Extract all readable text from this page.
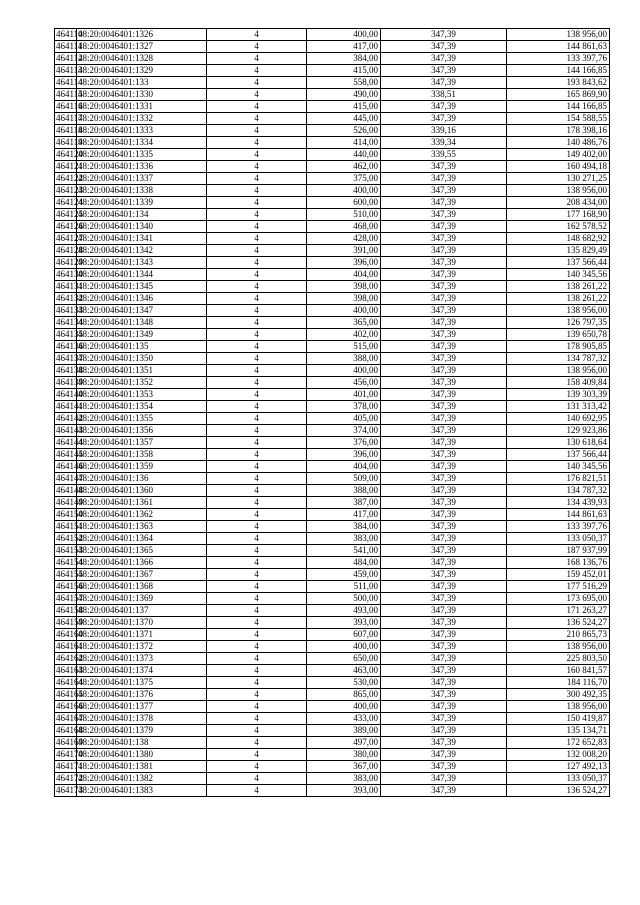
464110	48:20:0046401:1326	4	400,00	347,39	138 956,00
464111	48:20:0046401:1327	4	417,00	347,39	144 861,63
464112	48:20:0046401:1328	4	384,00	347,39	133 397,76
464113	48:20:0046401:1329	4	415,00	347,39	144 166,85
464114	48:20:0046401:133	4	558,00	347,39	193 843,62
464115	48:20:0046401:1330	4	490,00	338,51	165 869,90
464116	48:20:0046401:1331	4	415,00	347,39	144 166,85
464117	48:20:0046401:1332	4	445,00	347,39	154 588,55
464118	48:20:0046401:1333	4	526,00	339,16	178 398,16
464119	48:20:0046401:1334	4	414,00	339,34	140 486,76
464120	48:20:0046401:1335	4	440,00	339,55	149 402,00
464121	48:20:0046401:1336	4	462,00	347,39	160 494,18
464122	48:20:0046401:1337	4	375,00	347,39	130 271,25
464123	48:20:0046401:1338	4	400,00	347,39	138 956,00
464124	48:20:0046401:1339	4	600,00	347,39	208 434,00
464125	48:20:0046401:134	4	510,00	347,39	177 168,90
464126	48:20:0046401:1340	4	468,00	347,39	162 578,52
464127	48:20:0046401:1341	4	428,00	347,39	148 682,92
464128	48:20:0046401:1342	4	391,00	347,39	135 829,49
464129	48:20:0046401:1343	4	396,00	347,39	137 566,44
464130	48:20:0046401:1344	4	404,00	347,39	140 345,56
464131	48:20:0046401:1345	4	398,00	347,39	138 261,22
464132	48:20:0046401:1346	4	398,00	347,39	138 261,22
464133	48:20:0046401:1347	4	400,00	347,39	138 956,00
464134	48:20:0046401:1348	4	365,00	347,39	126 797,35
464135	48:20:0046401:1349	4	402,00	347,39	139 650,78
464136	48:20:0046401:135	4	515,00	347,39	178 905,85
464137	48:20:0046401:1350	4	388,00	347,39	134 787,32
464138	48:20:0046401:1351	4	400,00	347,39	138 956,00
464139	48:20:0046401:1352	4	456,00	347,39	158 409,84
464140	48:20:0046401:1353	4	401,00	347,39	139 303,39
464141	48:20:0046401:1354	4	378,00	347,39	131 313,42
464142	48:20:0046401:1355	4	405,00	347,39	140 692,95
464143	48:20:0046401:1356	4	374,00	347,39	129 923,86
464144	48:20:0046401:1357	4	376,00	347,39	130 618,64
464145	48:20:0046401:1358	4	396,00	347,39	137 566,44
464146	48:20:0046401:1359	4	404,00	347,39	140 345,56
464147	48:20:0046401:136	4	509,00	347,39	176 821,51
464148	48:20:0046401:1360	4	388,00	347,39	134 787,32
464149	48:20:0046401:1361	4	387,00	347,39	134 439,93
464150	48:20:0046401:1362	4	417,00	347,39	144 861,63
464151	48:20:0046401:1363	4	384,00	347,39	133 397,76
464152	48:20:0046401:1364	4	383,00	347,39	133 050,37
464153	48:20:0046401:1365	4	541,00	347,39	187 937,99
464154	48:20:0046401:1366	4	484,00	347,39	168 136,76
464155	48:20:0046401:1367	4	459,00	347,39	159 452,01
464156	48:20:0046401:1368	4	511,00	347,39	177 516,29
464157	48:20:0046401:1369	4	500,00	347,39	173 695,00
464158	48:20:0046401:137	4	493,00	347,39	171 263,27
464159	48:20:0046401:1370	4	393,00	347,39	136 524,27
464160	48:20:0046401:1371	4	607,00	347,39	210 865,73
464161	48:20:0046401:1372	4	400,00	347,39	138 956,00
464162	48:20:0046401:1373	4	650,00	347,39	225 803,50
464163	48:20:0046401:1374	4	463,00	347,39	160 841,57
464164	48:20:0046401:1375	4	530,00	347,39	184 116,70
464165	48:20:0046401:1376	4	865,00	347,39	300 492,35
464166	48:20:0046401:1377	4	400,00	347,39	138 956,00
464167	48:20:0046401:1378	4	433,00	347,39	150 419,87
464168	48:20:0046401:1379	4	389,00	347,39	135 134,71
464169	48:20:0046401:138	4	497,00	347,39	172 652,83
464170	48:20:0046401:1380	4	380,00	347,39	132 008,20
464171	48:20:0046401:1381	4	367,00	347,39	127 492,13
464172	48:20:0046401:1382	4	383,00	347,39	133 050,37
464173	48:20:0046401:1383	4	393,00	347,39	136 524,27
